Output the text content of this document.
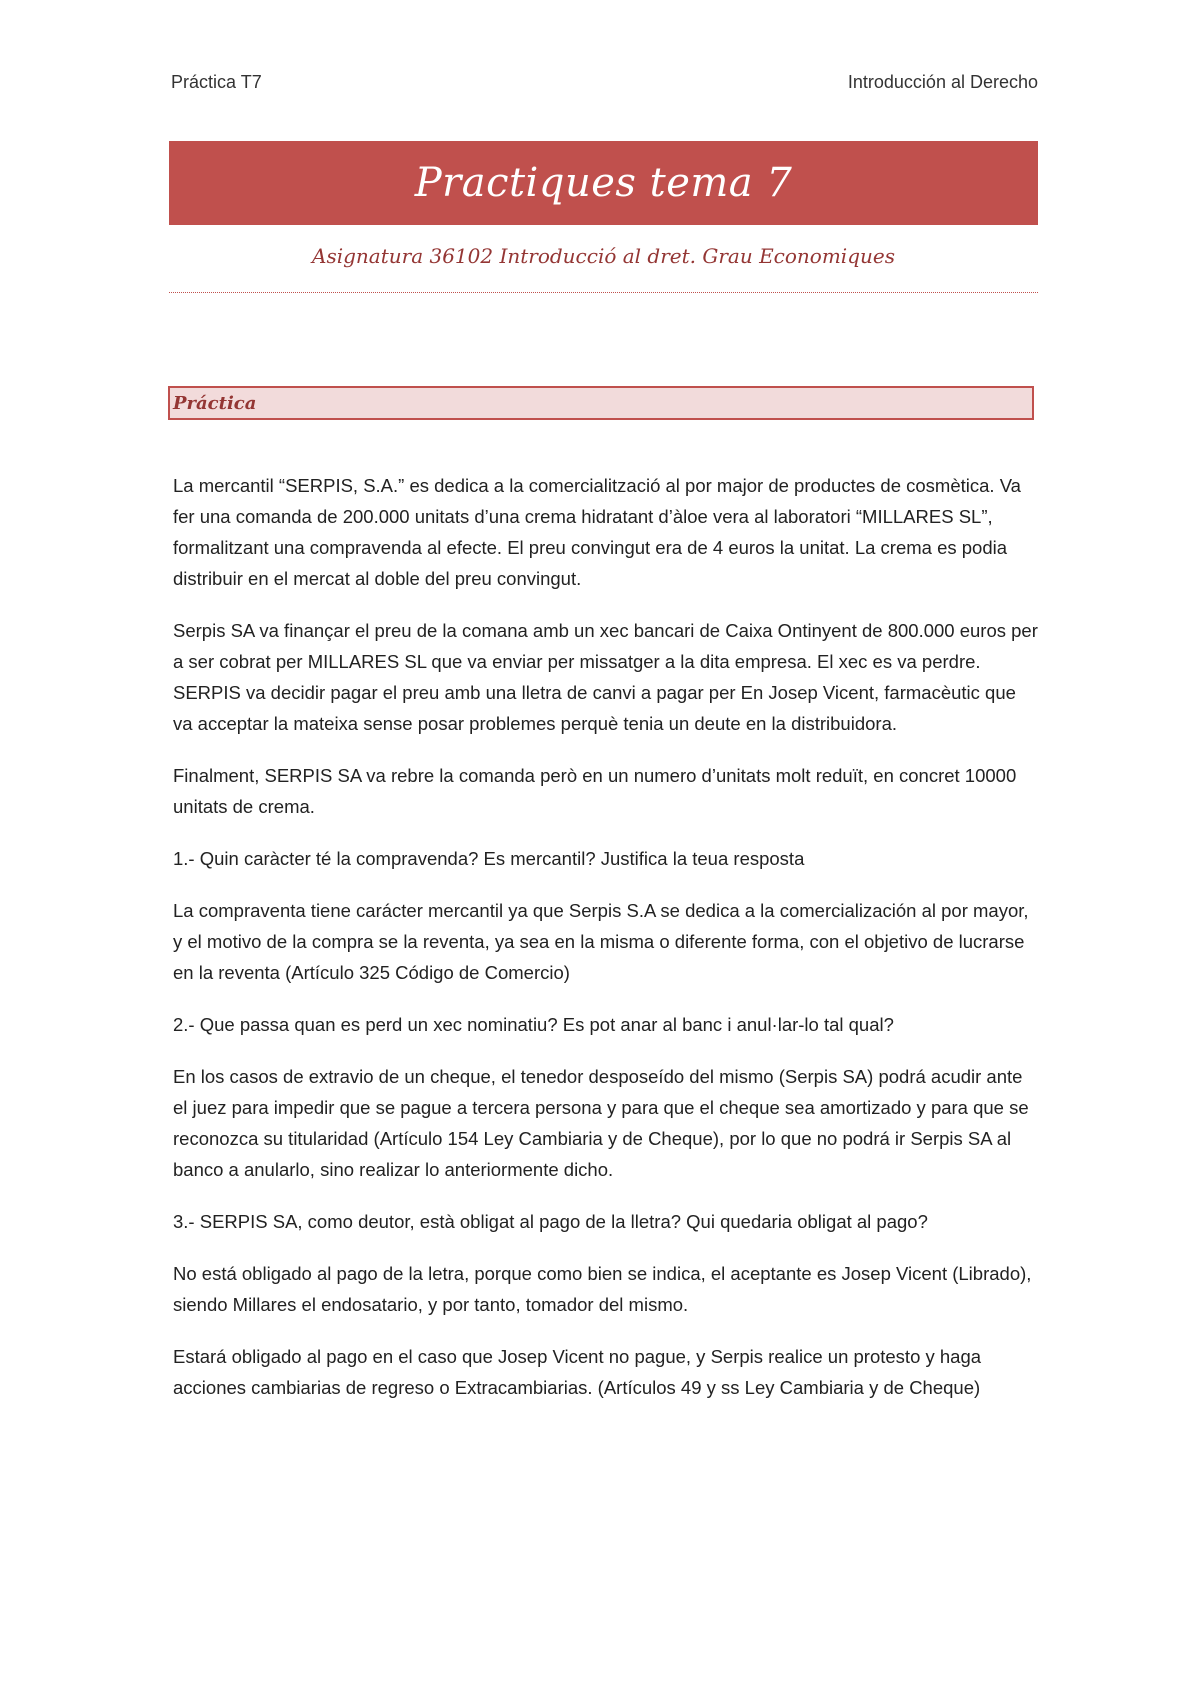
Práctica T7	Introducción al Derecho
Practiques tema 7
Asignatura 36102 Introducció al dret. Grau Economiques
Práctica

La mercantil “SERPIS, S.A.” es dedica a la comercialització al por major de productes de cosmètica. Va fer una comanda de 200.000 unitats d’una crema hidratant d’àloe vera al laboratori “MILLARES SL”, formalitzant una compravenda al efecte. El preu convingut era de 4 euros la unitat. La crema es podia distribuir en el mercat al doble del preu convingut.

Serpis SA va finançar el preu de la comana amb un xec bancari de Caixa Ontinyent de 800.000 euros per a ser cobrat per MILLARES SL que va enviar per missatger a la dita empresa. El xec es va perdre. SERPIS va decidir pagar el preu amb una lletra de canvi a pagar per En Josep Vicent, farmacèutic que va acceptar la mateixa sense posar problemes perquè tenia un deute en la distribuidora.

Finalment, SERPIS SA va rebre la comanda però en un numero d’unitats molt reduït, en concret 10000 unitats de crema.

1.- Quin caràcter té la compravenda? Es mercantil? Justifica la teua resposta

La compraventa tiene carácter mercantil ya que Serpis S.A se dedica a la comercialización al por mayor, y el motivo de la compra se la reventa, ya sea en la misma o diferente forma, con el objetivo de lucrarse en la reventa (Artículo 325 Código de Comercio)

2.- Que passa quan es perd un xec nominatiu? Es pot anar al banc i anul·lar-lo tal qual?

En los casos de extravio de un cheque, el tenedor desposeído del mismo (Serpis SA) podrá acudir ante el juez para impedir que se pague a tercera persona y para que el cheque sea amortizado y para que se reconozca su titularidad (Artículo 154 Ley Cambiaria y de Cheque), por lo que no podrá ir Serpis SA al banco a anularlo, sino realizar lo anteriormente dicho.

3.- SERPIS SA, como deutor, està obligat al pago de la lletra? Qui quedaria obligat al pago?

No está obligado al pago de la letra, porque como bien se indica, el aceptante es Josep Vicent (Librado), siendo Millares el endosatario, y por tanto, tomador del mismo.

Estará obligado al pago en el caso que Josep Vicent no pague, y Serpis realice un protesto y haga acciones cambiarias de regreso o Extracambiarias. (Artículos 49 y ss Ley Cambiaria y de Cheque)
